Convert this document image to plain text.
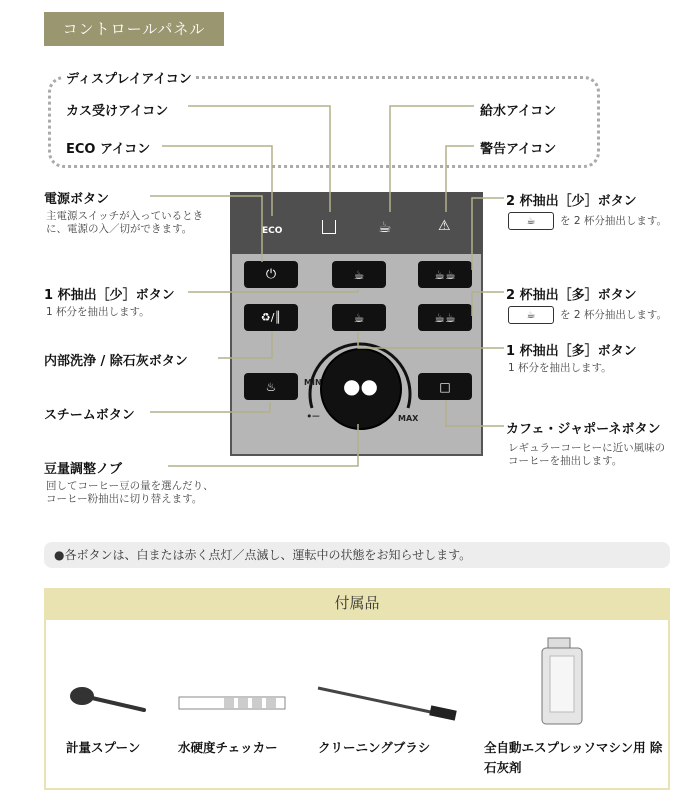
コントロールパネル
ディスプレイアイコン
カス受けアイコン
ECO アイコン
給水アイコン
警告アイコン
ECO	☕	⚠
⏻	☕	☕☕
♻/║	☕	☕☕
♨	□
●●
MIN
MAX
•─
電源ボタン
主電源スイッチが入っているときに、電源の入／切ができます。
1 杯抽出［少］ボタン
1 杯分を抽出します。
内部洗浄 / 除石灰ボタン
スチームボタン
豆量調整ノブ
回してコーヒー豆の量を選んだり、コーヒー粉抽出に切り替えます。
2 杯抽出［少］ボタン
☕	を 2 杯分抽出します。
2 杯抽出［多］ボタン
☕	を 2 杯分抽出します。
1 杯抽出［多］ボタン
1 杯分を抽出します。
カフェ・ジャポーネボタン
レギュラーコーヒーに近い風味のコーヒーを抽出します。
●各ボタンは、白または赤く点灯／点滅し、運転中の状態をお知らせします。
付属品
計量スプーン	水硬度チェッカー	クリーニングブラシ	全自動エスプレッソマシン用 除石灰剤
